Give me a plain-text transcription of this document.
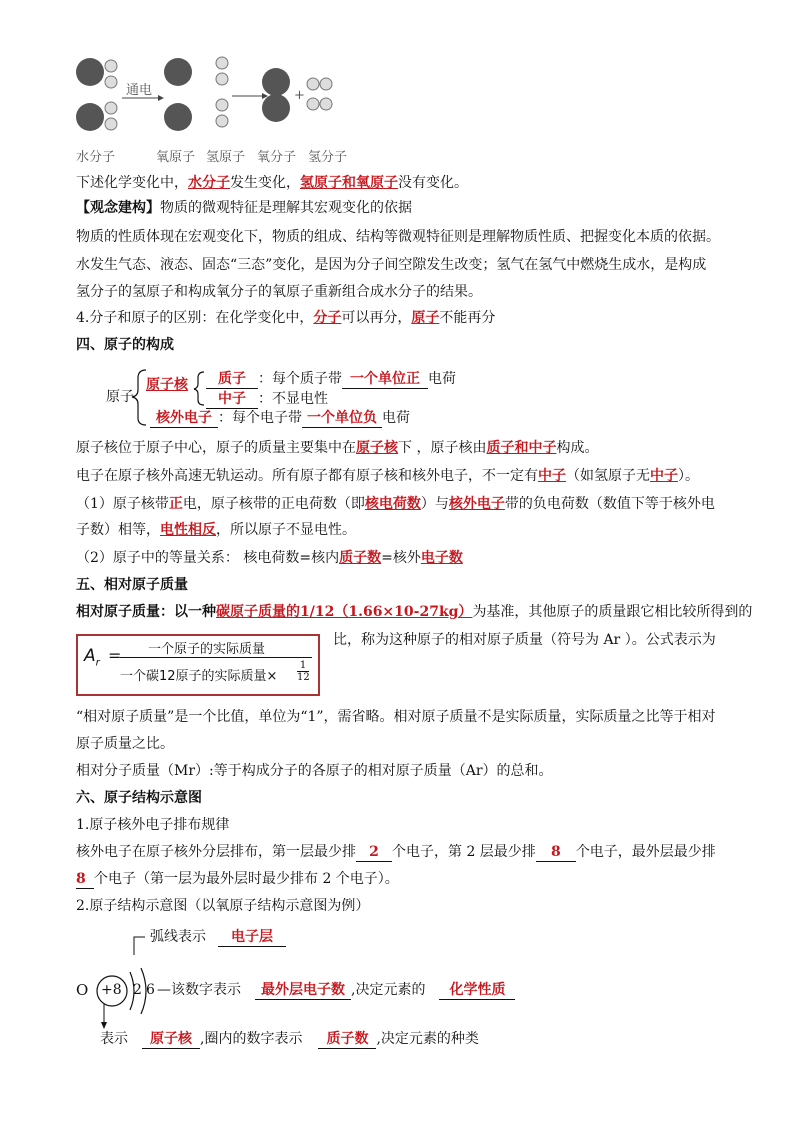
通电	+
水分子	氧原子 氢原子 氧分子 氢分子
下述化学变化中，水分子发生变化，氢原子和氧原子没有变化。
【观念建构】物质的微观特征是理解其宏观变化的依据
物质的性质体现在宏观变化下，物质的组成、结构等微观特征则是理解物质性质、把握变化本质的依据。
水发生气态、液态、固态“三态”变化，是因为分子间空隙发生改变；氢气在氢气中燃烧生成水，是构成
氢分子的氢原子和构成氧分子的氧原子重新组合成水分子的结果。
4.分子和原子的区别：在化学变化中，分子可以再分，原子不能再分
四、原子的构成
原子
原子核	质子 ：每个质子带 一个单位正 电荷
中子 ：不显电性
核外电子 ：每个电子带 一个单位负 电荷
原子核位于原子中心，原子的质量主要集中在原子核下 ，原子核由质子和中子构成。
电子在原子核外高速无轨运动。所有原子都有原子核和核外电子，不一定有中子（如氢原子无中子）。
（1）原子核带正电，原子核带的正电荷数（即核电荷数）与核外电子带的负电荷数（数值下等于核外电
子数）相等，电性相反，所以原子不显电性。
（2）原子中的等量关系： 核电荷数=核内质子数=核外电子数
五、相对原子质量
相对原子质量：以一种碳原子质量的1/12（1.66×10-27kg）为基准，其他原子的质量跟它相比较所得到的
$A_r$ = 一个原子的实际质量
一个碳12原子的实际质量×
1
12
比，称为这种原子的相对原子质量（符号为 Ar ）。公式表示为
“相对原子质量”是一个比值，单位为“1”，需省略。相对原子质量不是实际质量，实际质量之比等于相对
原子质量之比。
相对分子质量（Mr）:等于构成分子的各原子的相对原子质量（Ar）的总和。
六、原子结构示意图
1.原子核外电子排布规律
核外电子在原子核外分层排布，第一层最少排 2 个电子，第 2 层最少排 8 个电子，最外层最少排
8 个电子（第一层为最外层时最少排布 2 个电子）。
2.原子结构示意图（以氧原子结构示意图为例）
O +8 2 6
弧线表示 电子层
—该数字表示 最外层电子数 ,决定元素的 化学性质
表示 原子核 ,圈内的数字表示 质子数 ,决定元素的种类
